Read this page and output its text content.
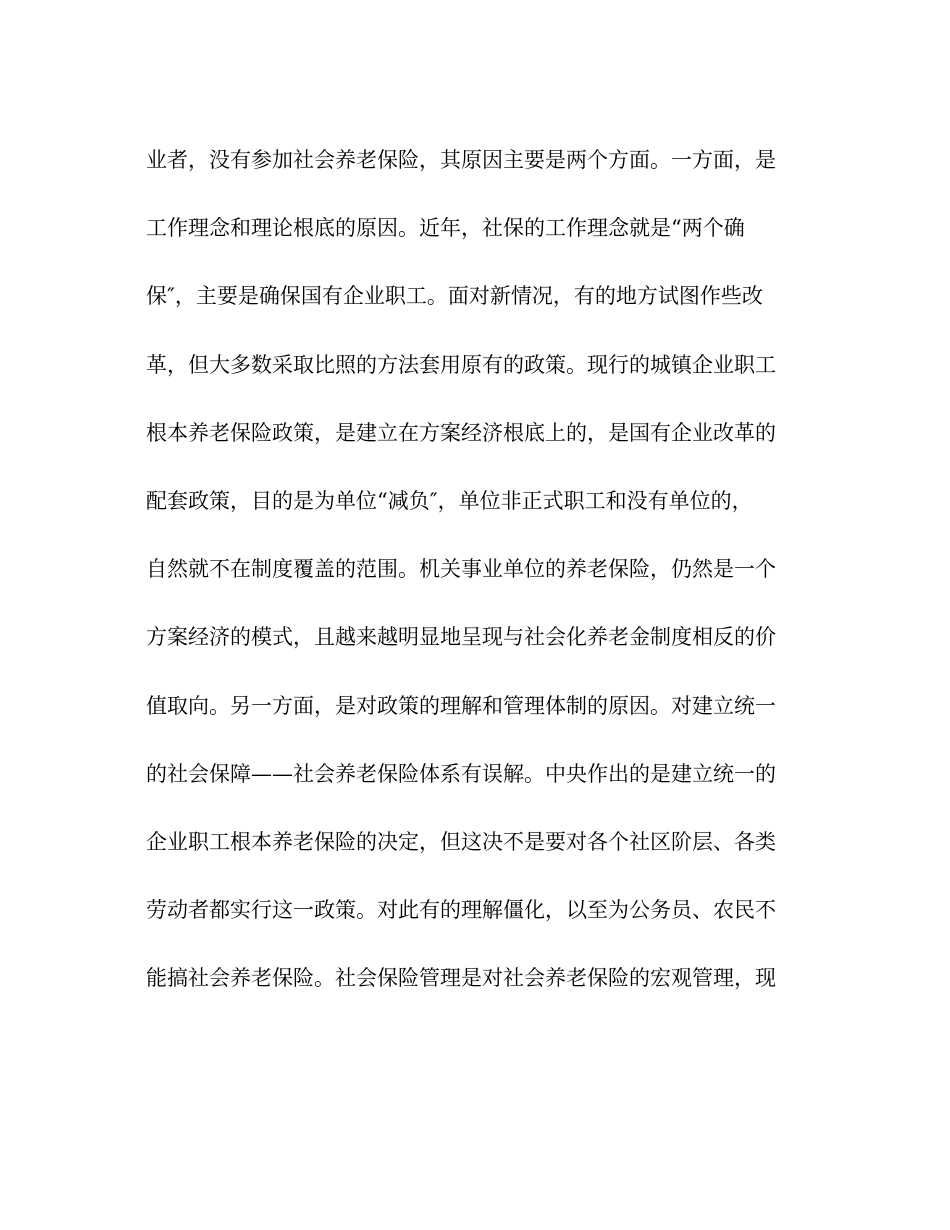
业者，没有参加社会养老保险，其原因主要是两个方面。一方面，是
工作理念和理论根底的原因。近年，社保的工作理念就是“两个确
保″，主要是确保国有企业职工。面对新情况，有的地方试图作些改
革，但大多数采取比照的方法套用原有的政策。现行的城镇企业职工
根本养老保险政策，是建立在方案经济根底上的，是国有企业改革的
配套政策，目的是为单位“减负″，单位非正式职工和没有单位的，
自然就不在制度覆盖的范围。机关事业单位的养老保险，仍然是一个
方案经济的模式，且越来越明显地呈现与社会化养老金制度相反的价
值取向。另一方面，是对政策的理解和管理体制的原因。对建立统一
的社会保障——社会养老保险体系有误解。中央作出的是建立统一的
企业职工根本养老保险的决定，但这决不是要对各个社区阶层、各类
劳动者都实行这一政策。对此有的理解僵化，以至为公务员、农民不
能搞社会养老保险。社会保险管理是对社会养老保险的宏观管理，现
